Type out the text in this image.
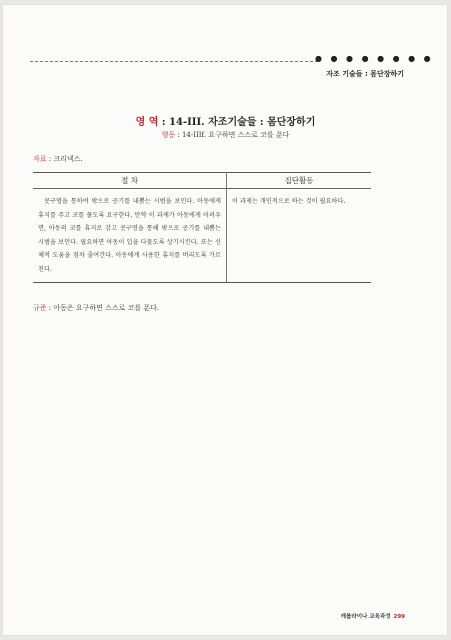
● ● ● ● ● ● ● ●
자조 기술들 : 몸단장하기
영 역 : 14-III. 자조기술들 : 몸단장하기
행동 : 14-IIIf. 요구하면 스스로 코를 푼다
자료 : 크리넥스.
절 차	집단활동

콧구멍을 통하여 밖으로 공기를 내뿜는 시범을 보인다. 아동에게 휴지를 주고 코를 풀도록 요구한다. 만약 이 과제가 아동에게 어려우면, 아동의 코를 휴지로 감고 콧구멍을 통해 밖으로 공기를 내뿜는 시범을 보인다. 필요하면 아동이 입을 다물도록 상기시킨다. 또는 신체적 도움을 점차 줄여간다. 아동에게 사용한 휴지를 버리도록 가르친다.	이 과제는 개인적으로 하는 것이 필요하다.
규준 : 아동은 요구하면 스스로 코를 푼다.
캐롤라이나 교육과정 299
